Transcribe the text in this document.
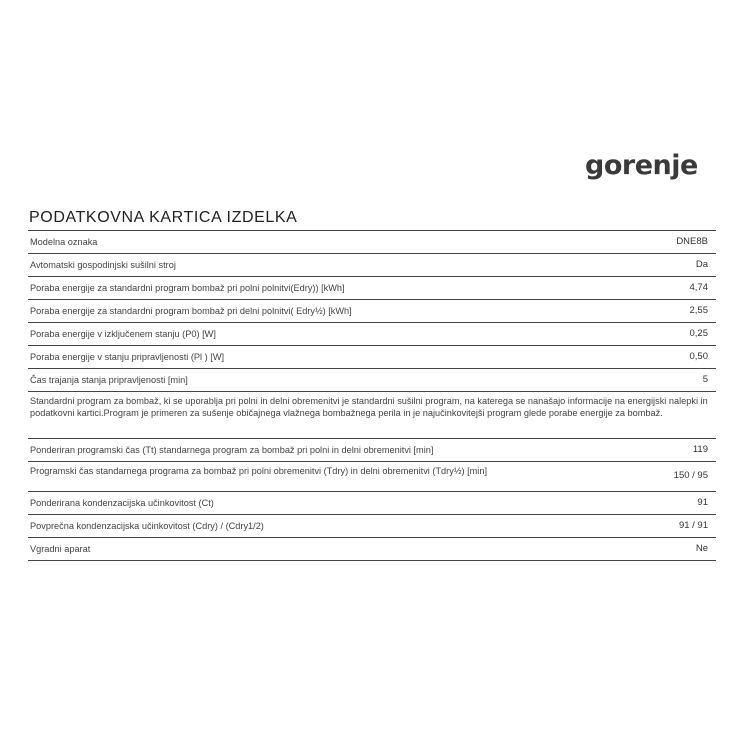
gorenje
PODATKOVNA KARTICA IZDELKA
Modelna oznaka	DNE8B
Avtomatski gospodinjski sušilni stroj	Da
Poraba energije za standardni program bombaž pri polni polnitvi(Edry)) [kWh]	4,74
Poraba energije za standardni program bombaž pri delni polnitvi( Edry½) [kWh]	2,55
Poraba energije v izključenem stanju (P0) [W]	0,25
Poraba energije v stanju pripravljenosti (Pl ) [W]	0,50
Čas trajanja stanja pripravljenosti [min]	5
Standardni program za bombaž, ki se uporablja pri polni in delni obremenitvi je standardni sušilni program, na katerega se nanašajo informacije na energijski nalepki in podatkovni kartici.Program je primeren za sušenje običajnega vlažnega bombažnega perila in je najučinkovitejši program glede porabe energije za bombaž.
Ponderiran programski čas (Tt) standarnega program za bombaž pri polni in delni obremenitvi [min]	119
Programski čas standarnega programa za bombaž pri polni obremenitvi (Tdry) in delni obremenitvi (Tdry½) [min]	150 / 95
Ponderirana kondenzacijska učinkovitost (Ct)	91
Povprečna kondenzacijska učinkovitost (Cdry) / (Cdry1/2)	91 / 91
Vgradni aparat	Ne
